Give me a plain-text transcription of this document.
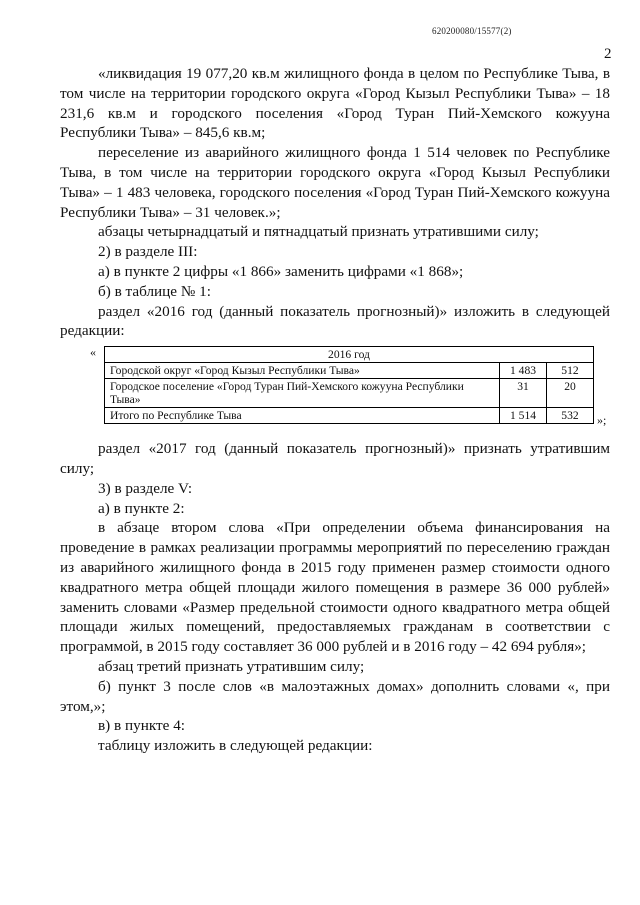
620200080/15577(2)
2

«ликвидация 19 077,20 кв.м жилищного фонда в целом по Республике Тыва, в том числе на территории городского округа «Город Кызыл Республики Тыва» – 18 231,6 кв.м и городского поселения «Город Туран Пий-Хемского кожууна Республики Тыва» – 845,6 кв.м;

переселение из аварийного жилищного фонда 1 514 человек по Республике Тыва, в том числе на территории городского округа «Город Кызыл Республики Тыва» – 1 483 человека, городского поселения «Город Туран Пий-Хемского кожууна Республики Тыва» – 31 человек.»;

абзацы четырнадцатый и пятнадцатый признать утратившими силу;

2) в разделе III:

а) в пункте 2 цифры «1 866» заменить цифрами «1 868»;

б) в таблице № 1:

раздел «2016 год (данный показатель прогнозный)» изложить в следующей редакции:

«	2016 год		
Городской округ «Город Кызыл Республики Тыва»	1 483	512
Городское поселение «Город Туран Пий-Хемского кожууна Республики Тыва»	31	20
Итого по Республике Тыва	1 514	532 »;

раздел «2017 год (данный показатель прогнозный)» признать утратившим силу;

3) в разделе V:

а) в пункте 2:

в абзаце втором слова «При определении объема финансирования на проведение в рамках реализации программы мероприятий по переселению граждан из аварийного жилищного фонда в 2015 году применен размер стоимости одного квадратного метра общей площади жилого помещения в размере 36 000 рублей» заменить словами «Размер предельной стоимости одного квадратного метра общей площади жилых помещений, предоставляемых гражданам в соответствии с программой, в 2015 году составляет 36 000 рублей и в 2016 году – 42 694 рубля»;

абзац третий признать утратившим силу;

б) пункт 3 после слов «в малоэтажных домах» дополнить словами «, при этом,»;

в) в пункте 4:

таблицу изложить в следующей редакции:
